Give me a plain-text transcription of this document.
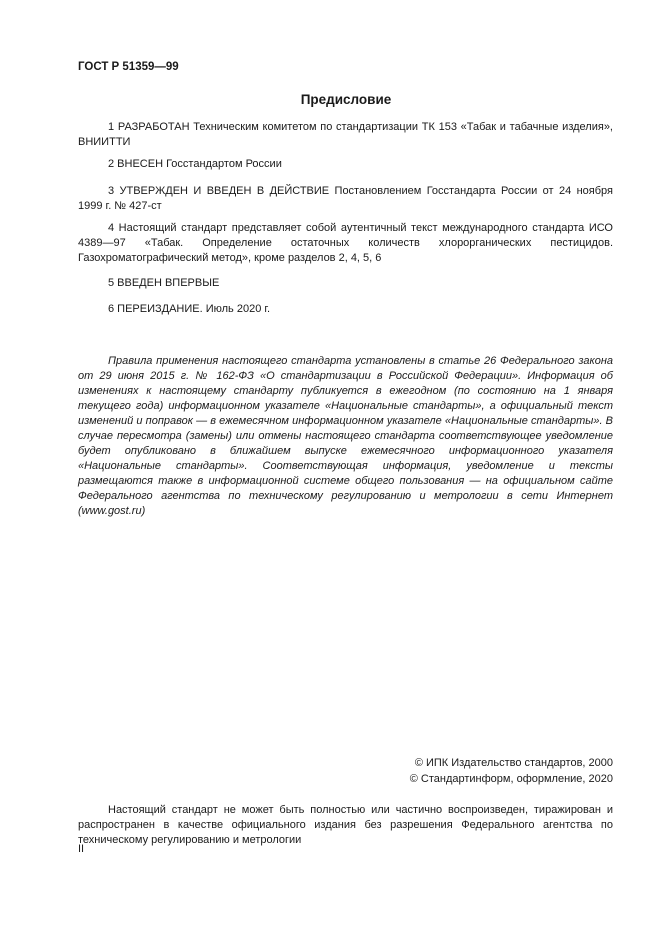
ГОСТ Р 51359—99
Предисловие
1 РАЗРАБОТАН Техническим комитетом по стандартизации ТК 153 «Табак и табачные изделия», ВНИИТТИ
2 ВНЕСЕН Госстандартом России
3 УТВЕРЖДЕН И ВВЕДЕН В ДЕЙСТВИЕ Постановлением Госстандарта России от 24 ноября 1999 г. № 427-ст
4 Настоящий стандарт представляет собой аутентичный текст международного стандарта ИСО 4389—97 «Табак. Определение остаточных количеств хлорорганических пестицидов. Газохроматографический метод», кроме разделов 2, 4, 5, 6
5 ВВЕДЕН ВПЕРВЫЕ
6 ПЕРЕИЗДАНИЕ. Июль 2020 г.
Правила применения настоящего стандарта установлены в статье 26 Федерального закона от 29 июня 2015 г. № 162-ФЗ «О стандартизации в Российской Федерации». Информация об изменениях к настоящему стандарту публикуется в ежегодном (по состоянию на 1 января текущего года) информационном указателе «Национальные стандарты», а официальный текст изменений и поправок — в ежемесячном информационном указателе «Национальные стандарты». В случае пересмотра (замены) или отмены настоящего стандарта соответствующее уведомление будет опубликовано в ближайшем выпуске ежемесячного информационного указателя «Национальные стандарты». Соответствующая информация, уведомление и тексты размещаются также в информационной системе общего пользования — на официальном сайте Федерального агентства по техническому регулированию и метрологии в сети Интернет (www.gost.ru)
© ИПК Издательство стандартов, 2000
© Стандартинформ, оформление, 2020
Настоящий стандарт не может быть полностью или частично воспроизведен, тиражирован и распространен в качестве официального издания без разрешения Федерального агентства по техническому регулированию и метрологии
II
